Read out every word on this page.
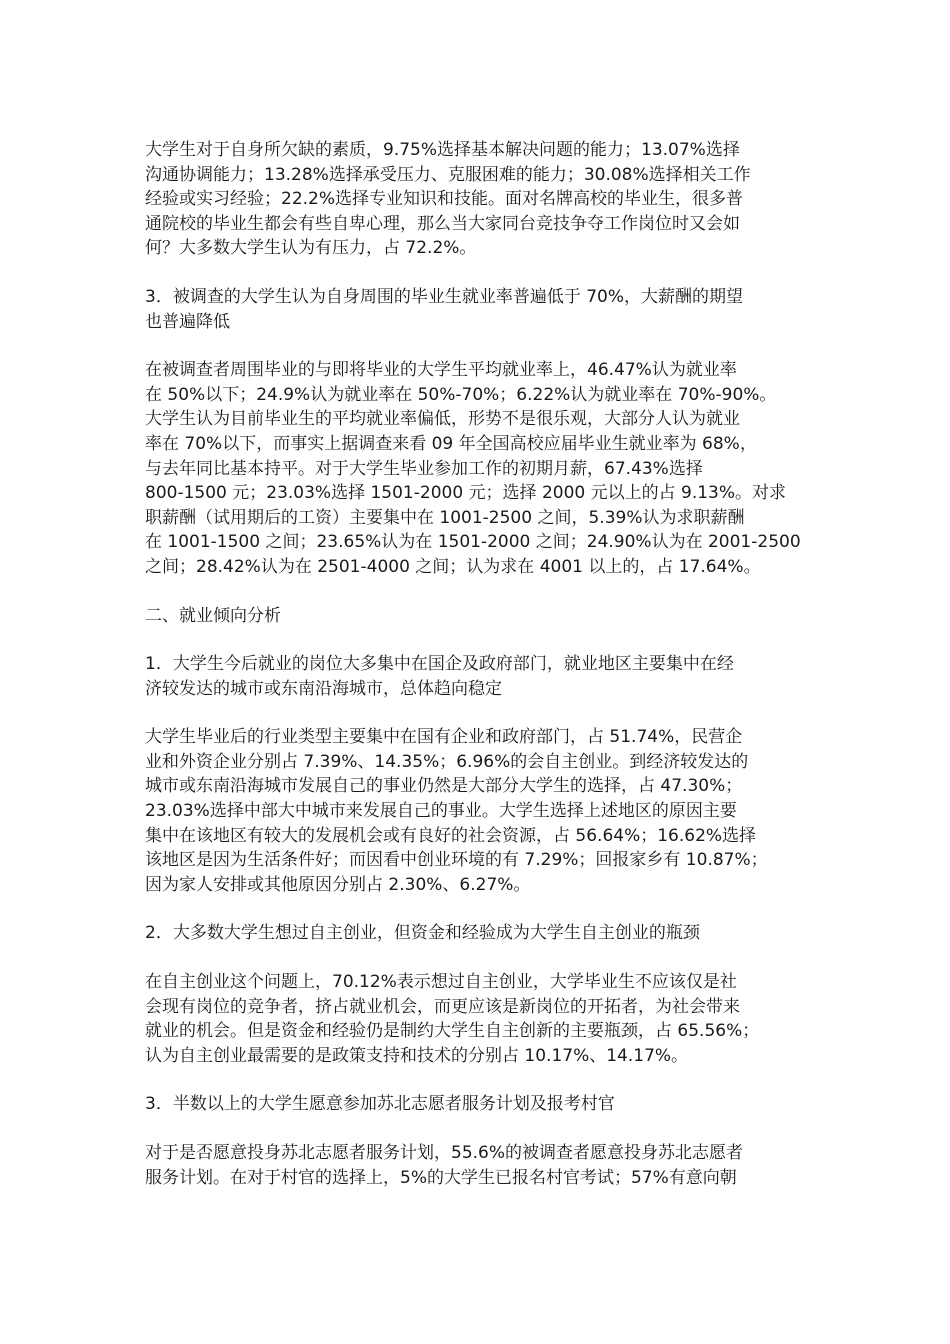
大学生对于自身所欠缺的素质，9.75%选择基本解决问题的能力；13.07%选择
沟通协调能力；13.28%选择承受压力、克服困难的能力；30.08%选择相关工作
经验或实习经验；22.2%选择专业知识和技能。面对名牌高校的毕业生，很多普
通院校的毕业生都会有些自卑心理，那么当大家同台竞技争夺工作岗位时又会如
何？大多数大学生认为有压力，占 72.2%。
3．被调查的大学生认为自身周围的毕业生就业率普遍低于 70%，大薪酬的期望
也普遍降低
在被调查者周围毕业的与即将毕业的大学生平均就业率上，46.47%认为就业率
在 50%以下；24.9%认为就业率在 50%-70%；6.22%认为就业率在 70%-90%。
大学生认为目前毕业生的平均就业率偏低，形势不是很乐观，大部分人认为就业
率在 70%以下，而事实上据调查来看 09 年全国高校应届毕业生就业率为 68%，
与去年同比基本持平。对于大学生毕业参加工作的初期月薪，67.43%选择
800-1500 元；23.03%选择 1501-2000 元；选择 2000 元以上的占 9.13%。对求
职薪酬（试用期后的工资）主要集中在 1001-2500 之间，5.39%认为求职薪酬
在 1001-1500 之间；23.65%认为在 1501-2000 之间；24.90%认为在 2001-2500
之间；28.42%认为在 2501-4000 之间；认为求在 4001 以上的，占 17.64%。
二、就业倾向分析
1．大学生今后就业的岗位大多集中在国企及政府部门，就业地区主要集中在经
济较发达的城市或东南沿海城市，总体趋向稳定
大学生毕业后的行业类型主要集中在国有企业和政府部门，占 51.74%，民营企
业和外资企业分别占 7.39%、14.35%；6.96%的会自主创业。到经济较发达的
城市或东南沿海城市发展自己的事业仍然是大部分大学生的选择，占 47.30%；
23.03%选择中部大中城市来发展自己的事业。大学生选择上述地区的原因主要
集中在该地区有较大的发展机会或有良好的社会资源，占 56.64%；16.62%选择
该地区是因为生活条件好；而因看中创业环境的有 7.29%；回报家乡有 10.87%；
因为家人安排或其他原因分别占 2.30%、6.27%。
2．大多数大学生想过自主创业，但资金和经验成为大学生自主创业的瓶颈
在自主创业这个问题上，70.12%表示想过自主创业，大学毕业生不应该仅是社
会现有岗位的竞争者，挤占就业机会，而更应该是新岗位的开拓者，为社会带来
就业的机会。但是资金和经验仍是制约大学生自主创新的主要瓶颈，占 65.56%；
认为自主创业最需要的是政策支持和技术的分别占 10.17%、14.17%。
3．半数以上的大学生愿意参加苏北志愿者服务计划及报考村官
对于是否愿意投身苏北志愿者服务计划，55.6%的被调查者愿意投身苏北志愿者
服务计划。在对于村官的选择上，5%的大学生已报名村官考试；57%有意向朝
